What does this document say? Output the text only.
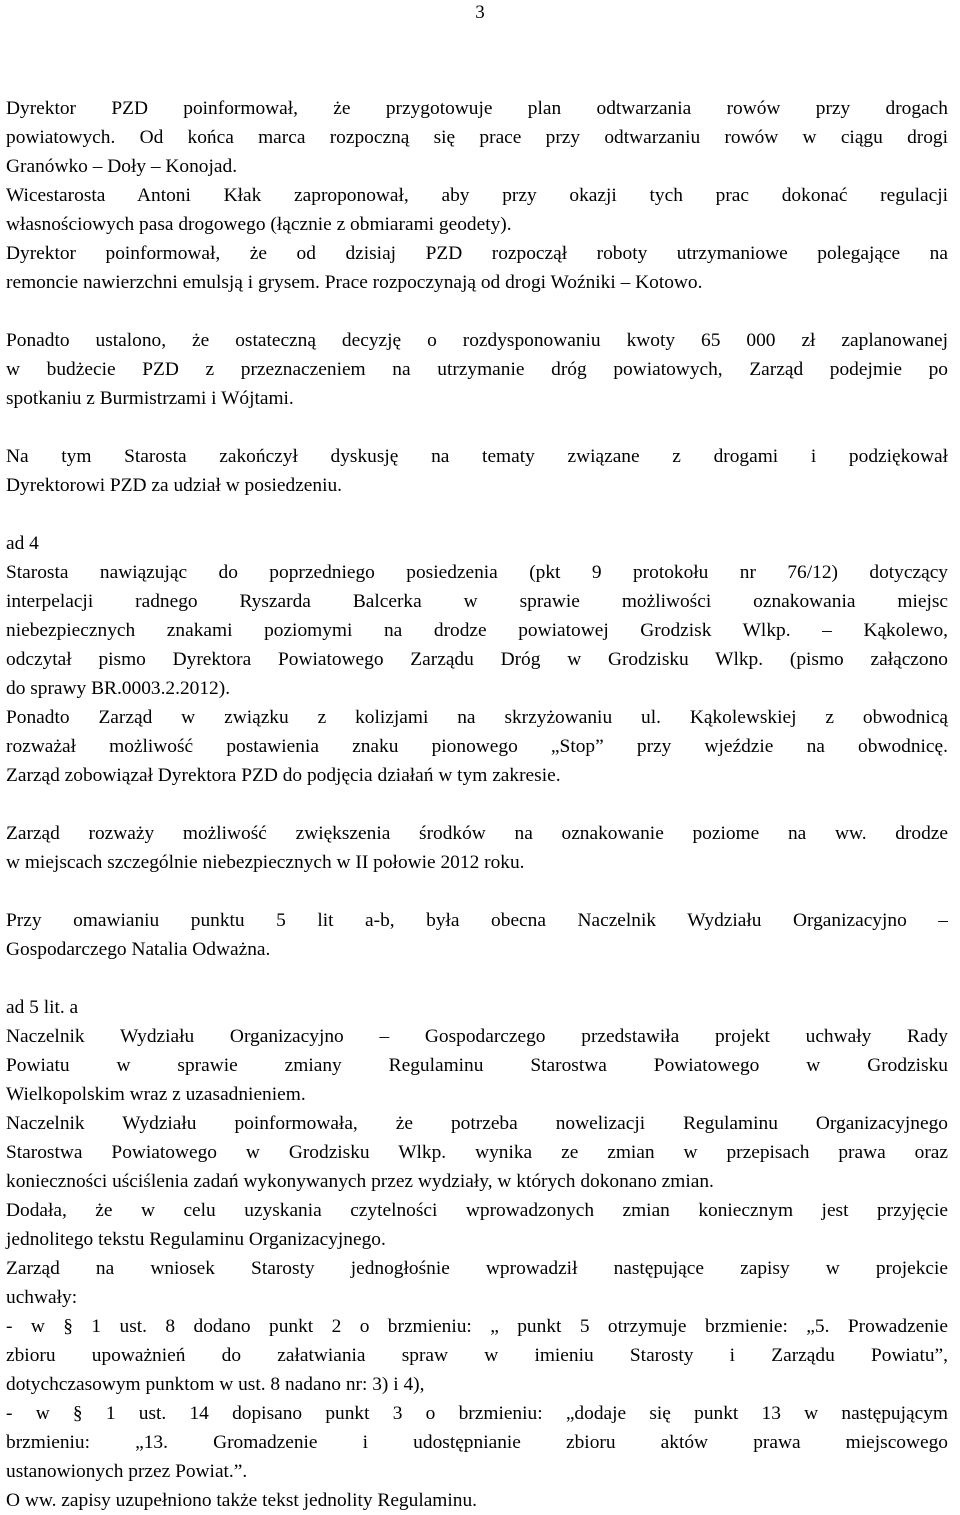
3
Dyrektor PZD poinformował, że przygotowuje plan odtwarzania rowów przy drogach
powiatowych. Od końca marca rozpoczną się prace przy odtwarzaniu rowów w ciągu drogi
Granówko – Doły – Konojad.
Wicestarosta Antoni Kłak zaproponował, aby przy okazji tych prac dokonać regulacji
własnościowych pasa drogowego (łącznie z obmiarami geodety).
Dyrektor poinformował, że od dzisiaj PZD rozpoczął roboty utrzymaniowe polegające na
remoncie nawierzchni emulsją i grysem. Prace rozpoczynają od drogi Woźniki – Kotowo.
Ponadto ustalono, że ostateczną decyzję o rozdysponowaniu kwoty 65 000 zł zaplanowanej
w budżecie PZD z przeznaczeniem na utrzymanie dróg powiatowych, Zarząd podejmie po
spotkaniu z Burmistrzami i Wójtami.
Na tym Starosta zakończył dyskusję na tematy związane z drogami i podziękował
Dyrektorowi PZD za udział w posiedzeniu.
ad 4
Starosta nawiązując do poprzedniego posiedzenia (pkt 9 protokołu nr 76/12) dotyczący
interpelacji radnego Ryszarda Balcerka w sprawie możliwości oznakowania miejsc
niebezpiecznych znakami poziomymi na drodze powiatowej Grodzisk Wlkp. – Kąkolewo,
odczytał pismo Dyrektora Powiatowego Zarządu Dróg w Grodzisku Wlkp. (pismo załączono
do sprawy BR.0003.2.2012).
Ponadto Zarząd w związku z kolizjami na skrzyżowaniu ul. Kąkolewskiej z obwodnicą
rozważał możliwość postawienia znaku pionowego „Stop” przy wjeździe na obwodnicę.
Zarząd zobowiązał Dyrektora PZD do podjęcia działań w tym zakresie.
Zarząd rozważy możliwość zwiększenia środków na oznakowanie poziome na ww. drodze
w miejscach szczególnie niebezpiecznych w II połowie 2012 roku.
Przy omawianiu punktu 5 lit a-b, była obecna Naczelnik Wydziału Organizacyjno –
Gospodarczego Natalia Odważna.
ad 5 lit. a
Naczelnik Wydziału Organizacyjno – Gospodarczego przedstawiła projekt uchwały Rady
Powiatu w sprawie zmiany Regulaminu Starostwa Powiatowego w Grodzisku
Wielkopolskim wraz z uzasadnieniem.
Naczelnik Wydziału poinformowała, że potrzeba nowelizacji Regulaminu Organizacyjnego
Starostwa Powiatowego w Grodzisku Wlkp. wynika ze zmian w przepisach prawa oraz
konieczności uściślenia zadań wykonywanych przez wydziały, w których dokonano zmian.
Dodała, że w celu uzyskania czytelności wprowadzonych zmian koniecznym jest przyjęcie
jednolitego tekstu Regulaminu Organizacyjnego.
Zarząd na wniosek Starosty jednogłośnie wprowadził następujące zapisy w projekcie
uchwały:
- w § 1 ust. 8 dodano punkt 2 o brzmieniu: „ punkt 5 otrzymuje brzmienie: „5. Prowadzenie
zbioru upoważnień do załatwiania spraw w imieniu Starosty i Zarządu Powiatu”,
dotychczasowym punktom w ust. 8 nadano nr: 3) i 4),
- w § 1 ust. 14 dopisano punkt 3 o brzmieniu: „dodaje się punkt 13 w następującym
brzmieniu: „13. Gromadzenie i udostępnianie zbioru aktów prawa miejscowego
ustanowionych przez Powiat.”.
O ww. zapisy uzupełniono także tekst jednolity Regulaminu.
